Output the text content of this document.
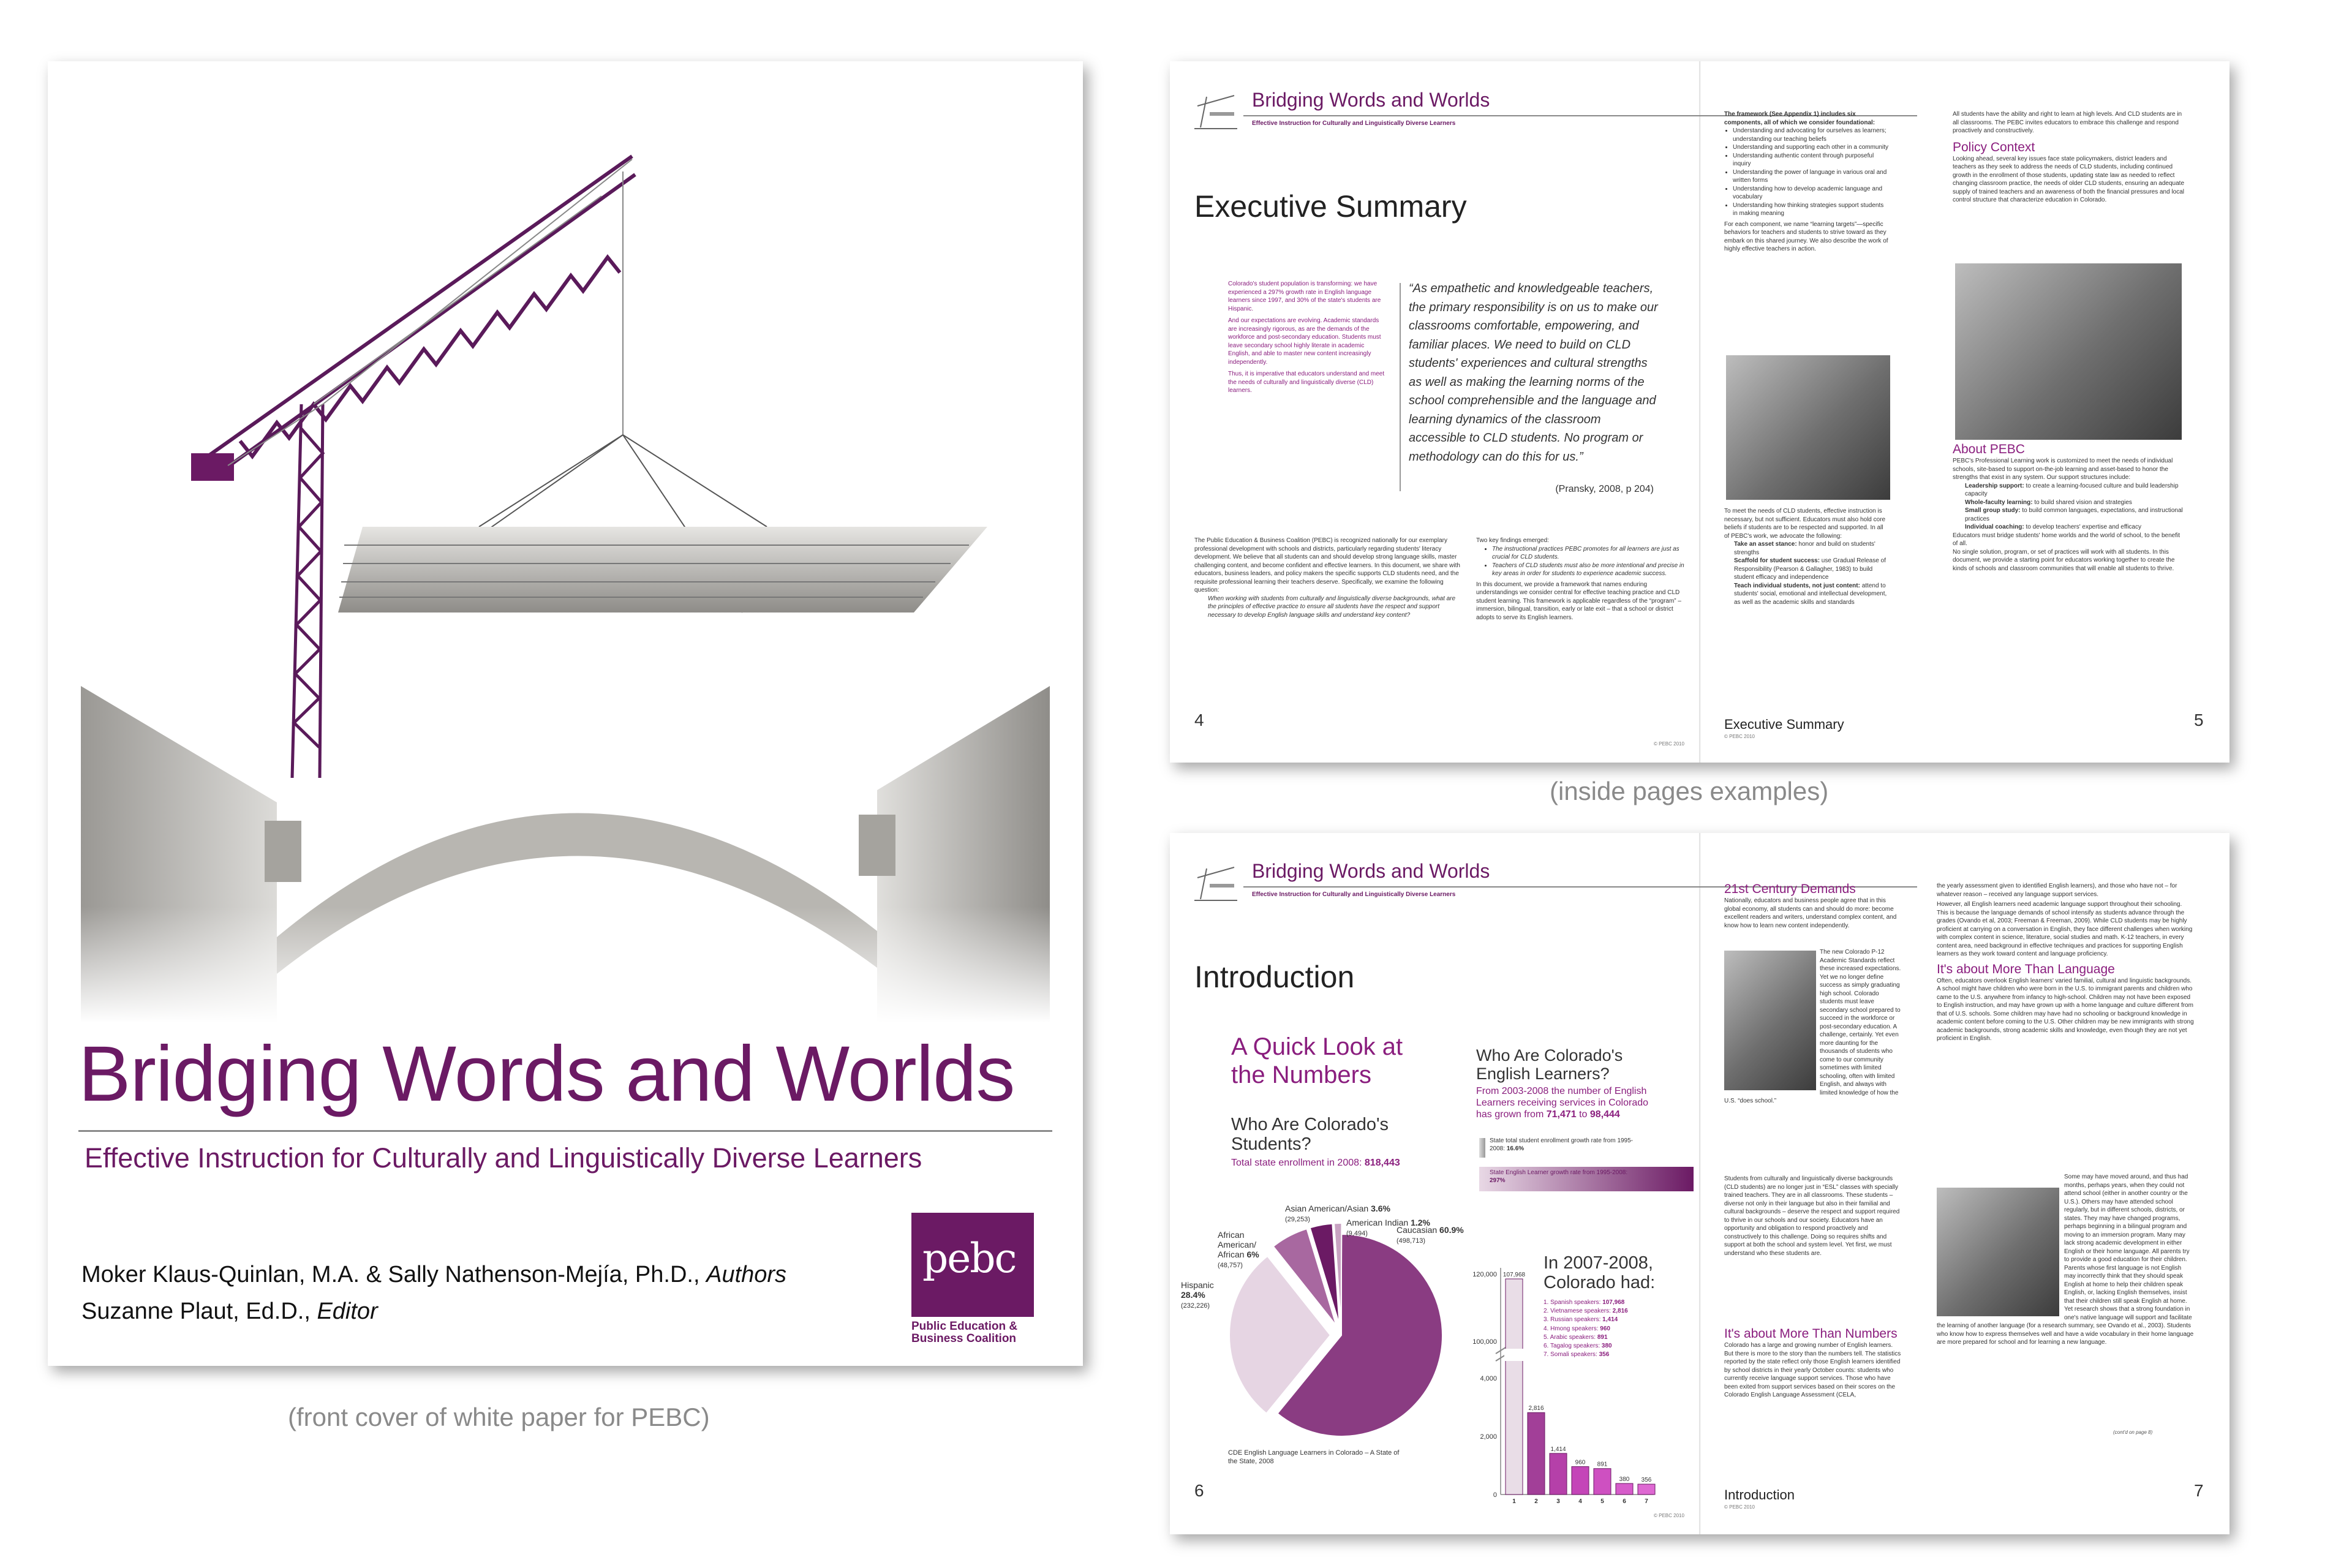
Bridging Words and Worlds
Effective Instruction for Culturally and Linguistically Diverse Learners
Moker Klaus-Quinlan, M.A. & Sally Nathenson-Mejía, Ph.D., Authors
Suzanne Plaut, Ed.D., Editor
pebc
Public Education & Business Coalition
(front cover of white paper for PEBC)
Bridging Words and Worlds
Effective Instruction for Culturally and Linguistically Diverse Learners
Executive Summary
Colorado's student population is transforming: we have experienced a 297% growth rate in English language learners since 1997, and 30% of the state's students are Hispanic.
And our expectations are evolving. Academic standards are increasingly rigorous, as are the demands of the workforce and post-secondary education. Students must leave secondary school highly literate in academic English, and able to master new content increasingly independently.
Thus, it is imperative that educators understand and meet the needs of culturally and linguistically diverse (CLD) learners.
“As empathetic and knowledgeable teachers, the primary responsibility is on us to make our classrooms comfortable, empowering, and familiar places. We need to build on CLD students' experiences and cultural strengths as well as making the learning norms of the school comprehensible and the language and learning dynamics of the classroom accessible to CLD students. No program or methodology can do this for us.”
(Pransky, 2008, p 204)
The Public Education & Business Coalition (PEBC) is recognized nationally for our exemplary professional development with schools and districts, particularly regarding students' literacy development. We believe that all students can and should develop strong language skills, master challenging content, and become confident and effective learners. In this document, we share with educators, business leaders, and policy makers the specific supports CLD students need, and the requisite professional learning their teachers deserve. Specifically, we examine the following question:
When working with students from culturally and linguistically diverse backgrounds, what are the principles of effective practice to ensure all students have the respect and support necessary to develop English language skills and understand key content?
Two key findings emerged:
• The instructional practices PEBC promotes for all learners are just as crucial for CLD students.
• Teachers of CLD students must also be more intentional and precise in key areas in order for students to experience academic success.
In this document, we provide a framework that names enduring understandings we consider central for effective teaching practice and CLD student learning. This framework is applicable regardless of the “program” – immersion, bilingual, transition, early or late exit – that a school or district adopts to serve its English learners.
4
© PEBC 2010
The framework (See Appendix 1) includes six components, all of which we consider foundational:
• Understanding and advocating for ourselves as learners; understanding our teaching beliefs
• Understanding and supporting each other in a community
• Understanding authentic content through purposeful inquiry
• Understanding the power of language in various oral and written forms
• Understanding how to develop academic language and vocabulary
• Understanding how thinking strategies support students in making meaning
For each component, we name “learning targets”—specific behaviors for teachers and students to strive toward as they embark on this shared journey. We also describe the work of highly effective teachers in action.
To meet the needs of CLD students, effective instruction is necessary, but not sufficient. Educators must also hold core beliefs if students are to be respected and supported. In all of PEBC's work, we advocate the following:
Take an asset stance: honor and build on students' strengths
Scaffold for student success: use Gradual Release of Responsibility (Pearson & Gallagher, 1983) to build student efficacy and independence
Teach individual students, not just content: attend to students' social, emotional and intellectual development, as well as the academic skills and standards
All students have the ability and right to learn at high levels. And CLD students are in all classrooms. The PEBC invites educators to embrace this challenge and respond proactively and constructively.
Policy Context
Looking ahead, several key issues face state policymakers, district leaders and teachers as they seek to address the needs of CLD students, including continued growth in the enrollment of those students, updating state law as needed to reflect changing classroom practice, the needs of older CLD students, ensuring an adequate supply of trained teachers and an awareness of both the financial pressures and local control structure that characterize education in Colorado.
About PEBC
PEBC's Professional Learning work is customized to meet the needs of individual schools, site-based to support on-the-job learning and asset-based to honor the strengths that exist in any system. Our support structures include:
Leadership support: to create a learning-focused culture and build leadership capacity
Whole-faculty learning: to build shared vision and strategies
Small group study: to build common languages, expectations, and instructional practices
Individual coaching: to develop teachers' expertise and efficacy
Educators must bridge students' home worlds and the world of school, to the benefit of all.
No single solution, program, or set of practices will work with all students. In this document, we provide a starting point for educators working together to create the kinds of schools and classroom communities that will enable all students to thrive.
Executive Summary
© PEBC 2010
5
(inside pages examples)
Bridging Words and Worlds
Effective Instruction for Culturally and Linguistically Diverse Learners
Introduction
A Quick Look at the Numbers
Who Are Colorado's Students?
Total state enrollment in 2008: 818,443
Who Are Colorado's English Learners?
From 2003-2008 the number of English Learners receiving services in Colorado has grown from 71,471 to 98,444
State total student enrollment growth rate from 1995-2008: 16.6%
State English Learner growth rate from 1995-2008: 297%
Caucasian 60.9%
(498,713)
Hispanic
28.4%
(232,226)
African American/ African 6%
(48,757)
Asian American/Asian 3.6%
(29,253)	American Indian 1.2%
(9,494)
CDE English Language Learners in Colorado – A State of the State, 2008
In 2007-2008, Colorado had:
1. Spanish speakers: 107,968
2. Vietnamese speakers: 2,816
3. Russian speakers: 1,414
4. Hmong speakers: 960
5. Arabic speakers: 891
6. Tagalog speakers: 380
7. Somali speakers: 356
120,000
100,000
4,000
2,000
0
107,968
1
2,816
2
1,414
3
960
4
891
5
380
6
356
7
6
© PEBC 2010
21st Century Demands
Nationally, educators and business people agree that in this global economy, all students can and should do more: become excellent readers and writers, understand complex content, and know how to learn new content independently.
The new Colorado P-12 Academic Standards reflect these increased expectations. Yet we no longer define success as simply graduating high school. Colorado students must leave secondary school prepared to succeed in the workforce or post-secondary education. A challenge, certainly. Yet even more daunting for the thousands of students who come to our community sometimes with limited schooling, often with limited English, and always with limited knowledge of how the U.S. “does school.”
Students from culturally and linguistically diverse backgrounds (CLD students) are no longer just in “ESL” classes with specially trained teachers. They are in all classrooms. These students – diverse not only in their language but also in their familial and cultural backgrounds – deserve the respect and support required to thrive in our schools and our society. Educators have an opportunity and obligation to respond proactively and constructively to this challenge. Doing so requires shifts and support at both the school and system level. Yet first, we must understand who these students are.
It's about More Than Numbers
Colorado has a large and growing number of English learners. But there is more to the story than the numbers tell. The statistics reported by the state reflect only those English learners identified by school districts in their yearly October counts: students who currently receive language support services. Those who have been exited from support services based on their scores on the Colorado English Language Assessment (CELA,
the yearly assessment given to identified English learners), and those who have not – for whatever reason – received any language support services.
However, all English learners need academic language support throughout their schooling. This is because the language demands of school intensify as students advance through the grades (Ovando et al, 2003; Freeman & Freeman, 2009). While CLD students may be highly proficient at carrying on a conversation in English, they face different challenges when working with complex content in science, literature, social studies and math. K-12 teachers, in every content area, need background in effective techniques and practices for supporting English learners as they work toward content and language proficiency.
It's about More Than Language
Often, educators overlook English learners' varied familial, cultural and linguistic backgrounds. A school might have children who were born in the U.S. to immigrant parents and children who came to the U.S. anywhere from infancy to high-school. Children may not have been exposed to English instruction, and may have grown up with a home language and culture different from that of U.S. schools. Some children may have had no schooling or background knowledge in academic content before coming to the U.S. Other children may be new immigrants with strong academic backgrounds, strong academic skills and knowledge, even though they are not yet proficient in English.
Some may have moved around, and thus had months, perhaps years, when they could not attend school (either in another country or the U.S.). Others may have attended school regularly, but in different schools, districts, or states. They may have changed programs, perhaps beginning in a bilingual program and moving to an immersion program. Many may lack strong academic development in either English or their home language. All parents try to provide a good education for their children. Parents whose first language is not English may incorrectly think that they should speak English at home to help their children speak English, or, lacking English themselves, insist that their children still speak English at home. Yet research shows that a strong foundation in one's native language will support and facilitate the learning of another language (for a research summary, see Ovando et al., 2003). Students who know how to express themselves well and have a wide vocabulary in their home language are more prepared for school and for learning a new language.
(cont'd on page 8)
Introduction
© PEBC 2010
7
